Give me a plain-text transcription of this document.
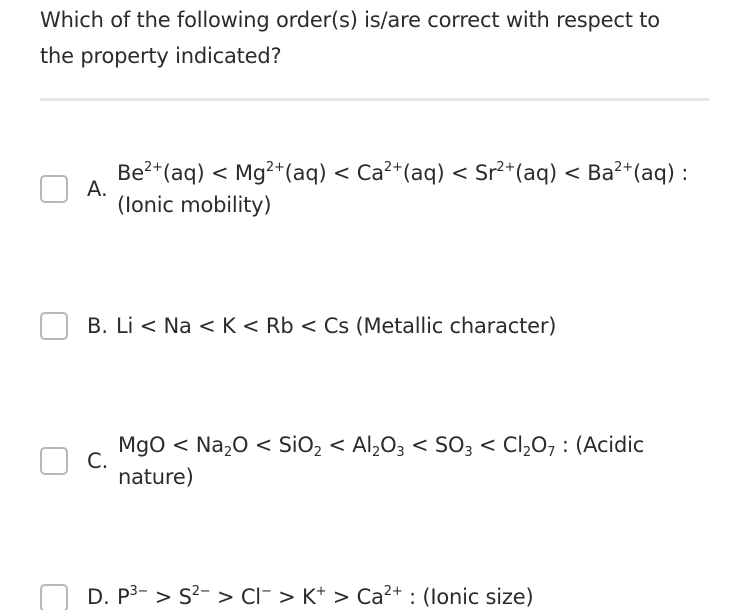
Which of the following order(s) is/are correct with respect to
the property indicated?
A.
$Be^{2+}(aq) < Mg^{2+}(aq) < Ca^{2+}(aq) < Sr^{2+}(aq) < Ba^{2+}(aq)$ :
(Ionic mobility)
B. Li < Na < K < Rb < Cs (Metallic character)
C.
MgO < $Na_2O < SiO_2 < Al_2O_3 < SO_3 < Cl_2O_7$ : (Acidic
nature)
D. $P^{3-} > S^{2-} > Cl^- > K^+ > Ca^{2+}$ : (Ionic size)
